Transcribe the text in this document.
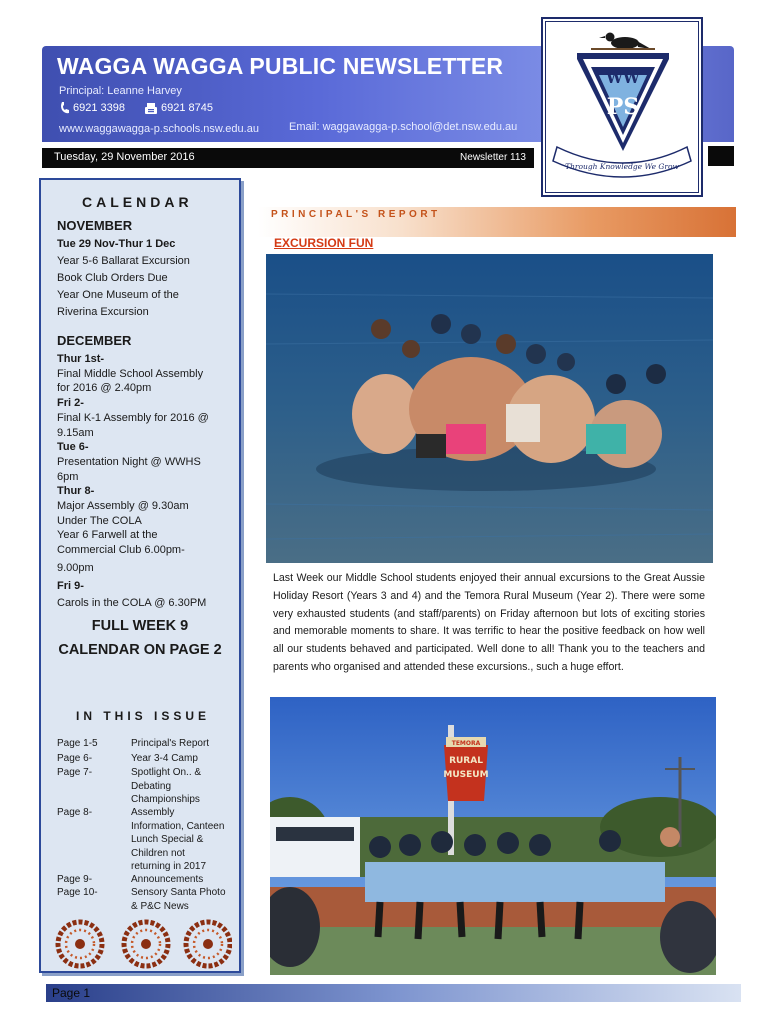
WAGGA WAGGA PUBLIC NEWSLETTER
Principal: Leanne Harvey
6921 3398	6921 8745
www.waggawagga-p.schools.nsw.edu.au	Email: waggawagga-p.school@det.nsw.edu.au
Tuesday, 29 November 2016	Newsletter 113
WW
PS
Through Knowledge We Grow
CALENDAR
NOVEMBER
Tue 29 Nov-Thur 1 Dec
Year 5-6 Ballarat Excursion
Book Club Orders Due
Year One Museum of the
Riverina Excursion
DECEMBER
Thur 1st-
Final Middle School Assembly
for 2016 @ 2.40pm
Fri 2-
Final K-1 Assembly for 2016 @
9.15am
Tue 6-
Presentation Night @ WWHS
6pm
Thur 8-
Major Assembly @ 9.30am
Under The COLA
Year 6 Farwell at the
Commercial Club 6.00pm-
9.00pm
Fri 9-
Carols in the COLA @ 6.30PM
FULL WEEK 9
CALENDAR ON PAGE 2
IN THIS ISSUE
Page 1-5	Principal's Report
Page 6-	Year 3-4 Camp
Page 7-	Spotlight On.. &
Debating
Championships
Page 8-	Assembly
Information, Canteen
Lunch Special &
Children not
returning in 2017
Page 9-	Announcements
Page 10-	Sensory Santa Photo
& P&C News
PRINCIPAL'S REPORT
EXCURSION FUN
Last Week our Middle School students enjoyed their annual excursions to the Great Aussie Holiday Resort (Years 3 and 4) and the Temora Rural Museum (Year 2). There were some very exhausted students (and staff/parents) on Friday afternoon but lots of exciting stories and memorable moments to share. It was terrific to hear the positive feedback on how well all our students behaved and participated. Well done to all! Thank you to the teachers and parents who organised and attended these excursions., such a huge effort.
TEMORA
RURAL
MUSEUM
Page 1
